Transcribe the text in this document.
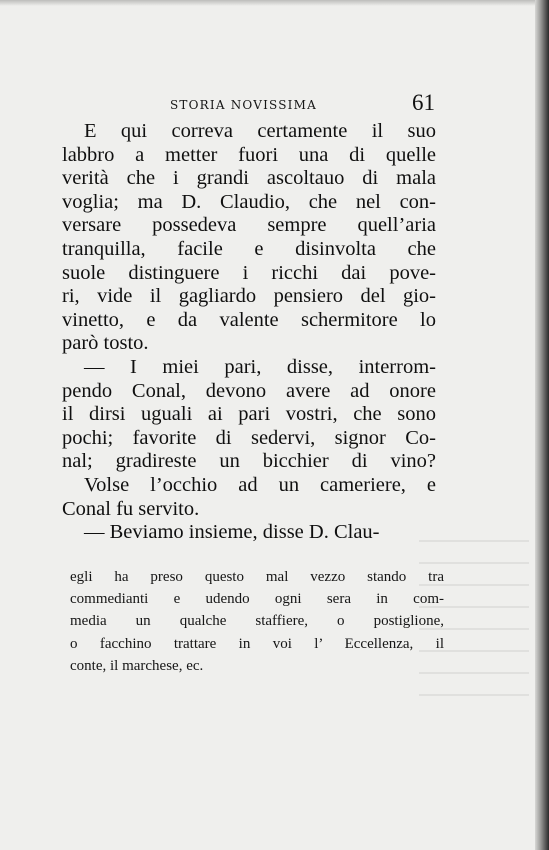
STORIA NOVISSIMA	61
E qui correva certamente il suo
labbro a metter fuori una di quelle
verità che i grandi ascoltauo di mala
voglia; ma D. Claudio, che nel con-
versare possedeva sempre quell’aria
tranquilla, facile e disinvolta che
suole distinguere i ricchi dai pove-
ri, vide il gagliardo pensiero del gio-
vinetto, e da valente schermitore lo
parò tosto.
— I miei pari, disse, interrom-
pendo Conal, devono avere ad onore
il dirsi uguali ai pari vostri, che sono
pochi; favorite di sedervi, signor Co-
nal; gradireste un bicchier di vino?
Volse l’occhio ad un cameriere, e
Conal fu servito.
— Beviamo insieme, disse D. Clau-
egli ha preso questo mal vezzo stando tra
commedianti e udendo ogni sera in com-
media un qualche staffiere, o postiglione,
o facchino trattare in voi l’ Eccellenza, il
conte, il marchese, ec.
